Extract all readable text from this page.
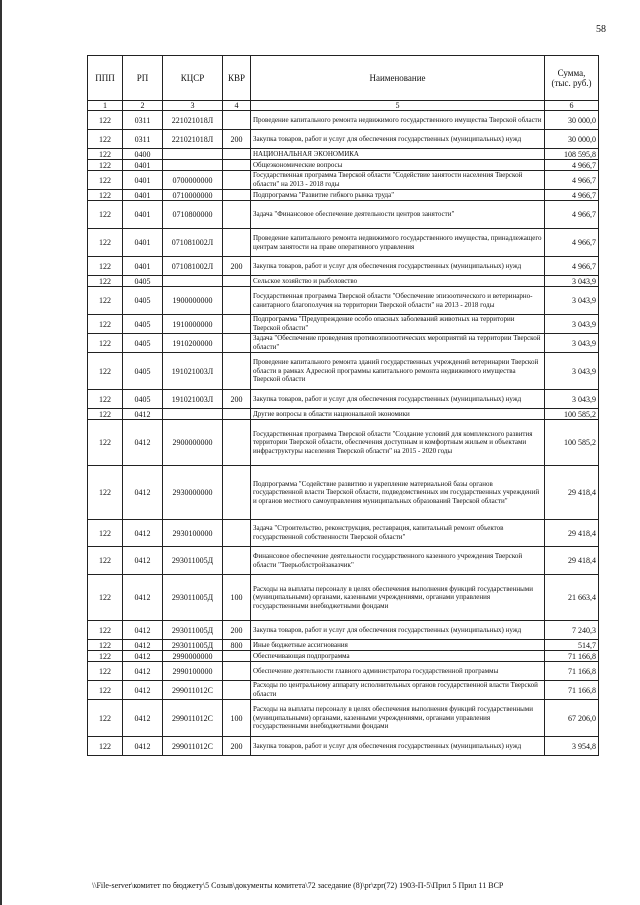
58
ППП	РП	КЦСР	КВР	Наименование	Сумма, (тыс. руб.)
1	2	3	4	5	6
122	0311	221021018Л		Проведение капитального ремонта недвижимого государственного имущества Тверской области	30 000,0
122	0311	221021018Л	200	Закупка товаров, работ и услуг для обеспечения государственных (муниципальных) нужд	30 000,0
122	0400			НАЦИОНАЛЬНАЯ ЭКОНОМИКА	108 595,8
122	0401			Общеэкономические вопросы	4 966,7
122	0401	0700000000		Государственная программа Тверской области "Содействие занятости населения Тверской области" на 2013 - 2018 годы	4 966,7
122	0401	0710000000		Подпрограмма "Развитие гибкого рынка труда"	4 966,7
122	0401	0710800000		Задача "Финансовое обеспечение деятельности центров занятости"	4 966,7
122	0401	071081002Л		Проведение капитального ремонта недвижимого государственного имущества, принадлежащего центрам занятости на праве оперативного управления	4 966,7
122	0401	071081002Л	200	Закупка товаров, работ и услуг для обеспечения государственных (муниципальных) нужд	4 966,7
122	0405			Сельское хозяйство и рыболовство	3 043,9
122	0405	1900000000		Государственная программа Тверской области "Обеспечение эпизоотического и ветеринарно-санитарного благополучия на территории Тверской области" на 2013 - 2018 годы	3 043,9
122	0405	1910000000		Подпрограмма "Предупреждение особо опасных заболеваний животных на территории Тверской области"	3 043,9
122	0405	1910200000		Задача "Обеспечение проведения противоэпизоотических мероприятий на территории Тверской области"	3 043,9
122	0405	191021003Л		Проведение капитального ремонта зданий государственных учреждений ветеринарии Тверской области в рамках Адресной программы капитального ремонта недвижимого имущества Тверской области	3 043,9
122	0405	191021003Л	200	Закупка товаров, работ и услуг для обеспечения государственных (муниципальных) нужд	3 043,9
122	0412			Другие вопросы в области национальной экономики	100 585,2
122	0412	2900000000		Государственная программа Тверской области "Создание условий для комплексного развития территории Тверской области, обеспечения доступным и комфортным жильем и объектами инфраструктуры населения Тверской области" на 2015 - 2020 годы	100 585,2
122	0412	2930000000		Подпрограмма "Содействие развитию и укрепление материальной базы органов государственной власти Тверской области, подведомственных им государственных учреждений и органов местного самоуправления муниципальных образований Тверской области"	29 418,4
122	0412	2930100000		Задача "Строительство, реконструкция, реставрация, капитальный ремонт объектов государственной собственности Тверской области"	29 418,4
122	0412	293011005Д		Финансовое обеспечение деятельности государственного казенного учреждения Тверской области "Тверьоблстройзаказчик"	29 418,4
122	0412	293011005Д	100	Расходы на выплаты персоналу в целях обеспечения выполнения функций государственными (муниципальными) органами, казенными учреждениями, органами управления государственными внебюджетными фондами	21 663,4
122	0412	293011005Д	200	Закупка товаров, работ и услуг для обеспечения государственных (муниципальных) нужд	7 240,3
122	0412	293011005Д	800	Иные бюджетные ассигнования	514,7
122	0412	2990000000		Обеспечивающая подпрограмма	71 166,8
122	0412	2990100000		Обеспечение деятельности главного администратора государственной программы	71 166,8
122	0412	299011012С		Расходы по центральному аппарату исполнительных органов государственной власти Тверской области	71 166,8
122	0412	299011012С	100	Расходы на выплаты персоналу в целях обеспечения выполнения функций государственными (муниципальными) органами, казенными учреждениями, органами управления государственными внебюджетными фондами	67 206,0
122	0412	299011012С	200	Закупка товаров, работ и услуг для обеспечения государственных (муниципальных) нужд	3 954,8
\\File-server\комитет по бюджету\5 Созыв\документы комитета\72 заседание (8)\pr\zpr(72) 1903-П-5\Прил 5 Прил 11 ВСР
